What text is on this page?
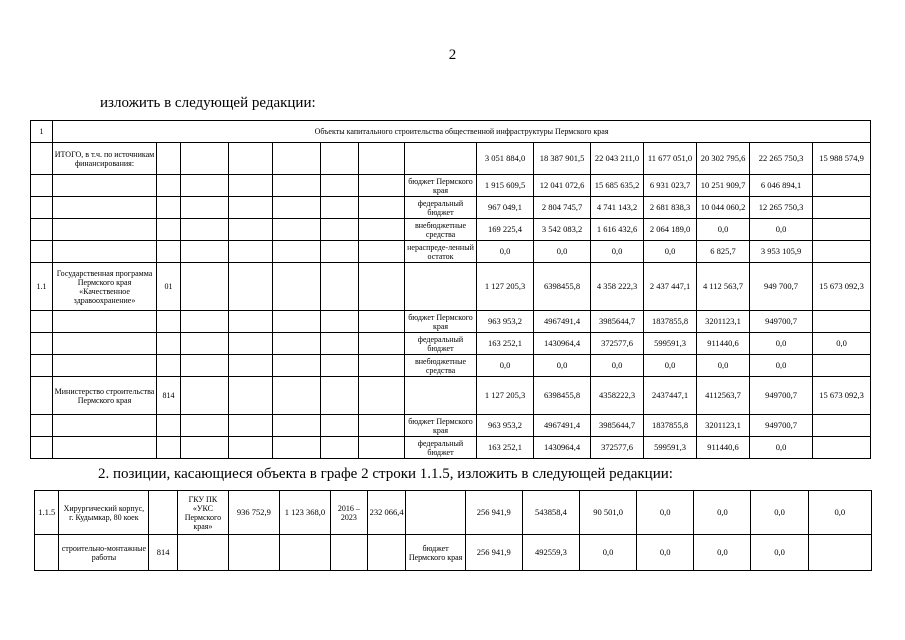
2
изложить в следующей редакции:
1	Объекты капитального строительства общественной инфраструктуры Пермского края														
	ИТОГО, в т.ч. по источникам финансирования:								3 051 884,0	18 387 901,5	22 043 211,0	11 677 051,0	20 302 795,6	22 265 750,3	15 988 574,9
								бюджет Пермского края	1 915 609,5	12 041 072,6	15 685 635,2	6 931 023,7	10 251 909,7	6 046 894,1	
								федеральный бюджет	967 049,1	2 804 745,7	4 741 143,2	2 681 838,3	10 044 060,2	12 265 750,3	
								внебюджетные средства	169 225,4	3 542 083,2	1 616 432,6	2 064 189,0	0,0	0,0	
								нераспреде-ленный остаток	0,0	0,0	0,0	0,0	6 825,7	3 953 105,9	
1.1	Государственная программа Пермского края «Качественное здравоохранение»	01							1 127 205,3	6398455,8	4 358 222,3	2 437 447,1	4 112 563,7	949 700,7	15 673 092,3
								бюджет Пермского края	963 953,2	4967491,4	3985644,7	1837855,8	3201123,1	949700,7	
								федеральный бюджет	163 252,1	1430964,4	372577,6	599591,3	911440,6	0,0	0,0
								внебюджетные средства	0,0	0,0	0,0	0,0	0,0	0,0	
	Министерство строительства Пермского края	814							1 127 205,3	6398455,8	4358222,3	2437447,1	4112563,7	949700,7	15 673 092,3
								бюджет Пермского края	963 953,2	4967491,4	3985644,7	1837855,8	3201123,1	949700,7	
								федеральный бюджет	163 252,1	1430964,4	372577,6	599591,3	911440,6	0,0	
2. позиции, касающиеся объекта в графе 2 строки 1.1.5, изложить в следующей редакции:
1.1.5	Хирургический корпус, г. Кудымкар, 80 коек		ГКУ ПК «УКС Пермского края»	936 752,9	1 123 368,0	2016 – 2023	232 066,4		256 941,9	543858,4	90 501,0	0,0	0,0	0,0	0,0
	строительно-монтажные работы	814						бюджет Пермского края	256 941,9	492559,3	0,0	0,0	0,0	0,0	
